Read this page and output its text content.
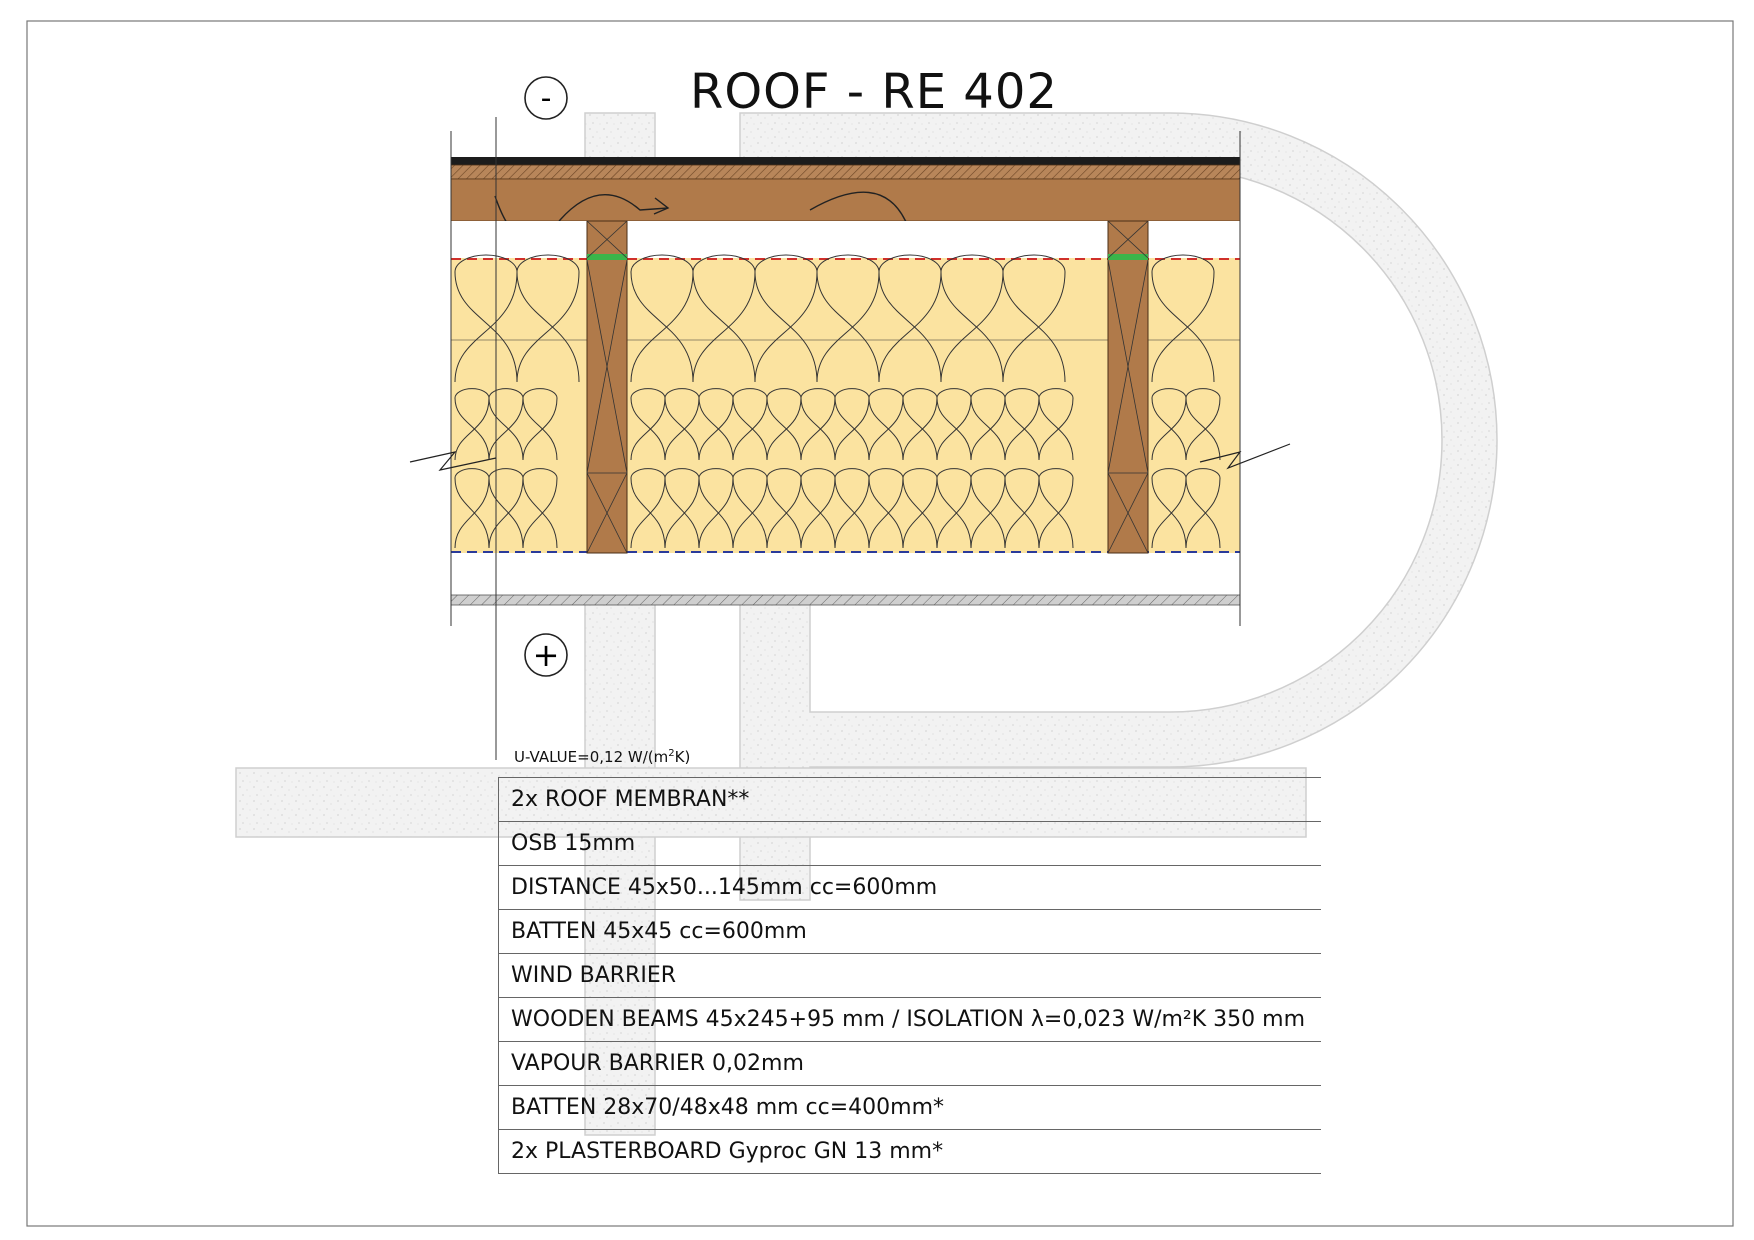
-
+
ROOF - RE 402
U-VALUE=0,12 $W/(m^2K)$
2x ROOF MEMBRAN**
OSB 15mm
DISTANCE 45x50...145mm cc=600mm
BATTEN 45x45 cc=600mm
WIND BARRIER
WOODEN BEAMS 45x245+95 mm / ISOLATION λ=0,023 W/m²K 350 mm
VAPOUR BARRIER 0,02mm
BATTEN 28x70/48x48 mm cc=400mm*
2x PLASTERBOARD Gyproc GN 13 mm*
